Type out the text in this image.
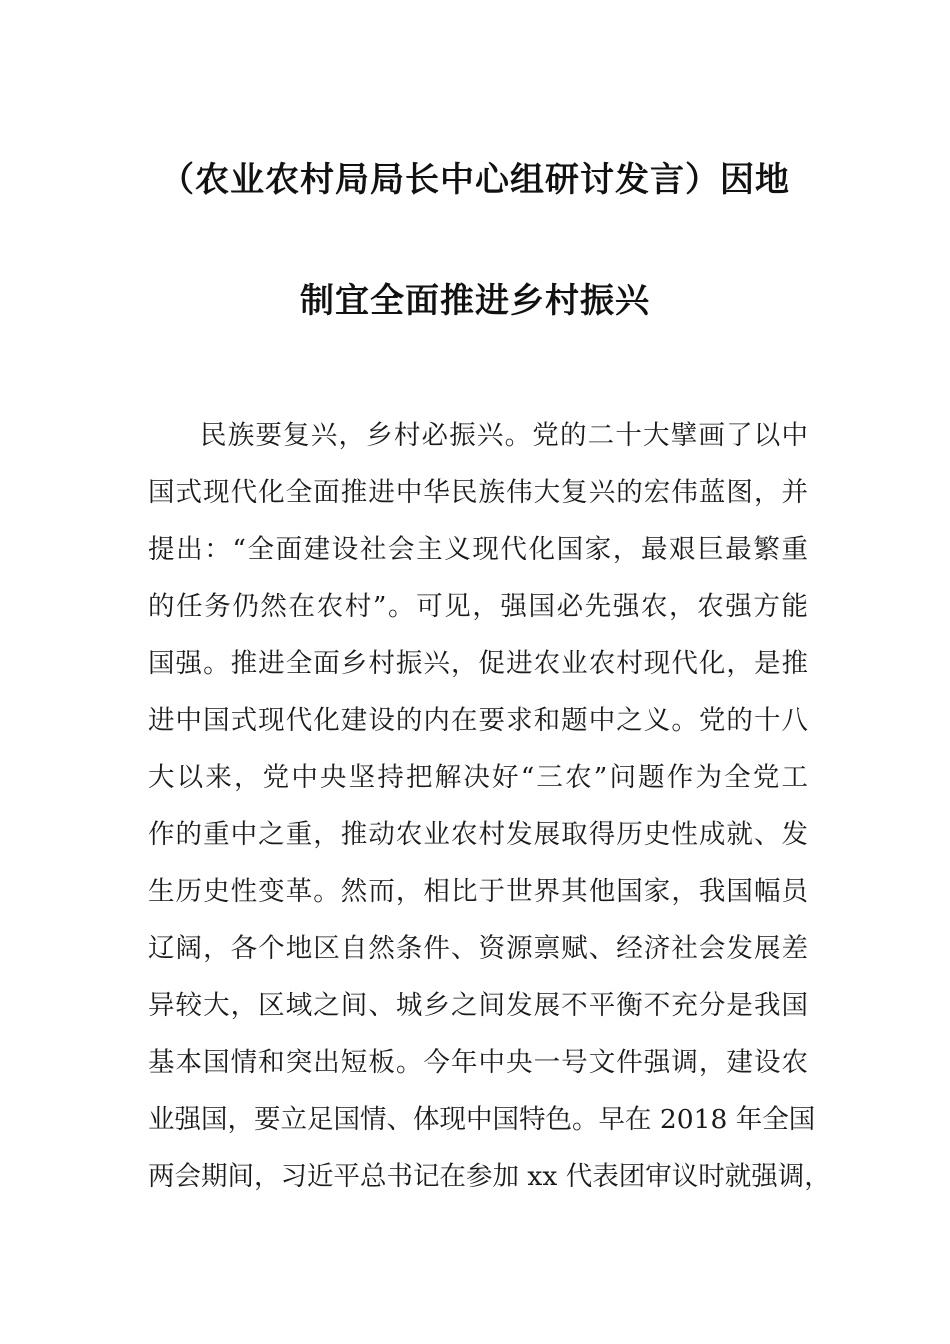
（农业农村局局长中心组研讨发言）因地
制宜全面推进乡村振兴
民族要复兴，乡村必振兴。党的二十大擘画了以中
国式现代化全面推进中华民族伟大复兴的宏伟蓝图，并
提出：“全面建设社会主义现代化国家，最艰巨最繁重
的任务仍然在农村”。可见，强国必先强农，农强方能
国强。推进全面乡村振兴，促进农业农村现代化，是推
进中国式现代化建设的内在要求和题中之义。党的十八
大以来，党中央坚持把解决好“三农”问题作为全党工
作的重中之重，推动农业农村发展取得历史性成就、发
生历史性变革。然而，相比于世界其他国家，我国幅员
辽阔，各个地区自然条件、资源禀赋、经济社会发展差
异较大，区域之间、城乡之间发展不平衡不充分是我国
基本国情和突出短板。今年中央一号文件强调，建设农
业强国，要立足国情、体现中国特色。早在 2018 年全国
两会期间，习近平总书记在参加 xx 代表团审议时就强调，
